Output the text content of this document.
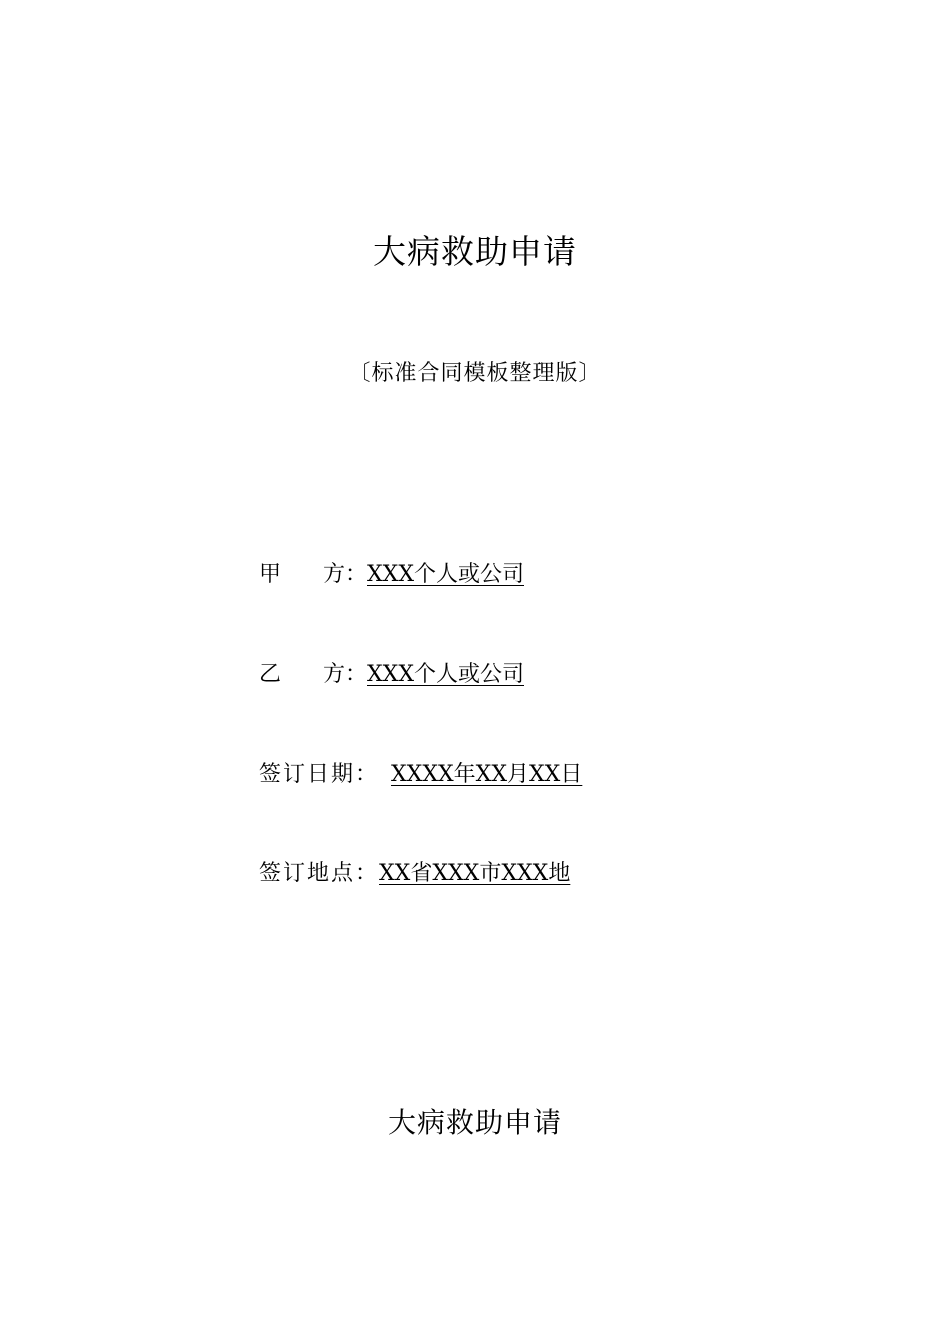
大病救助申请
〔标准合同模板整理版〕
甲 方： XXX个人或公司
乙 方： XXX个人或公司
签订日期： XXXX年XX月XX日
签订地点：XX省XXX市XXX地
大病救助申请
